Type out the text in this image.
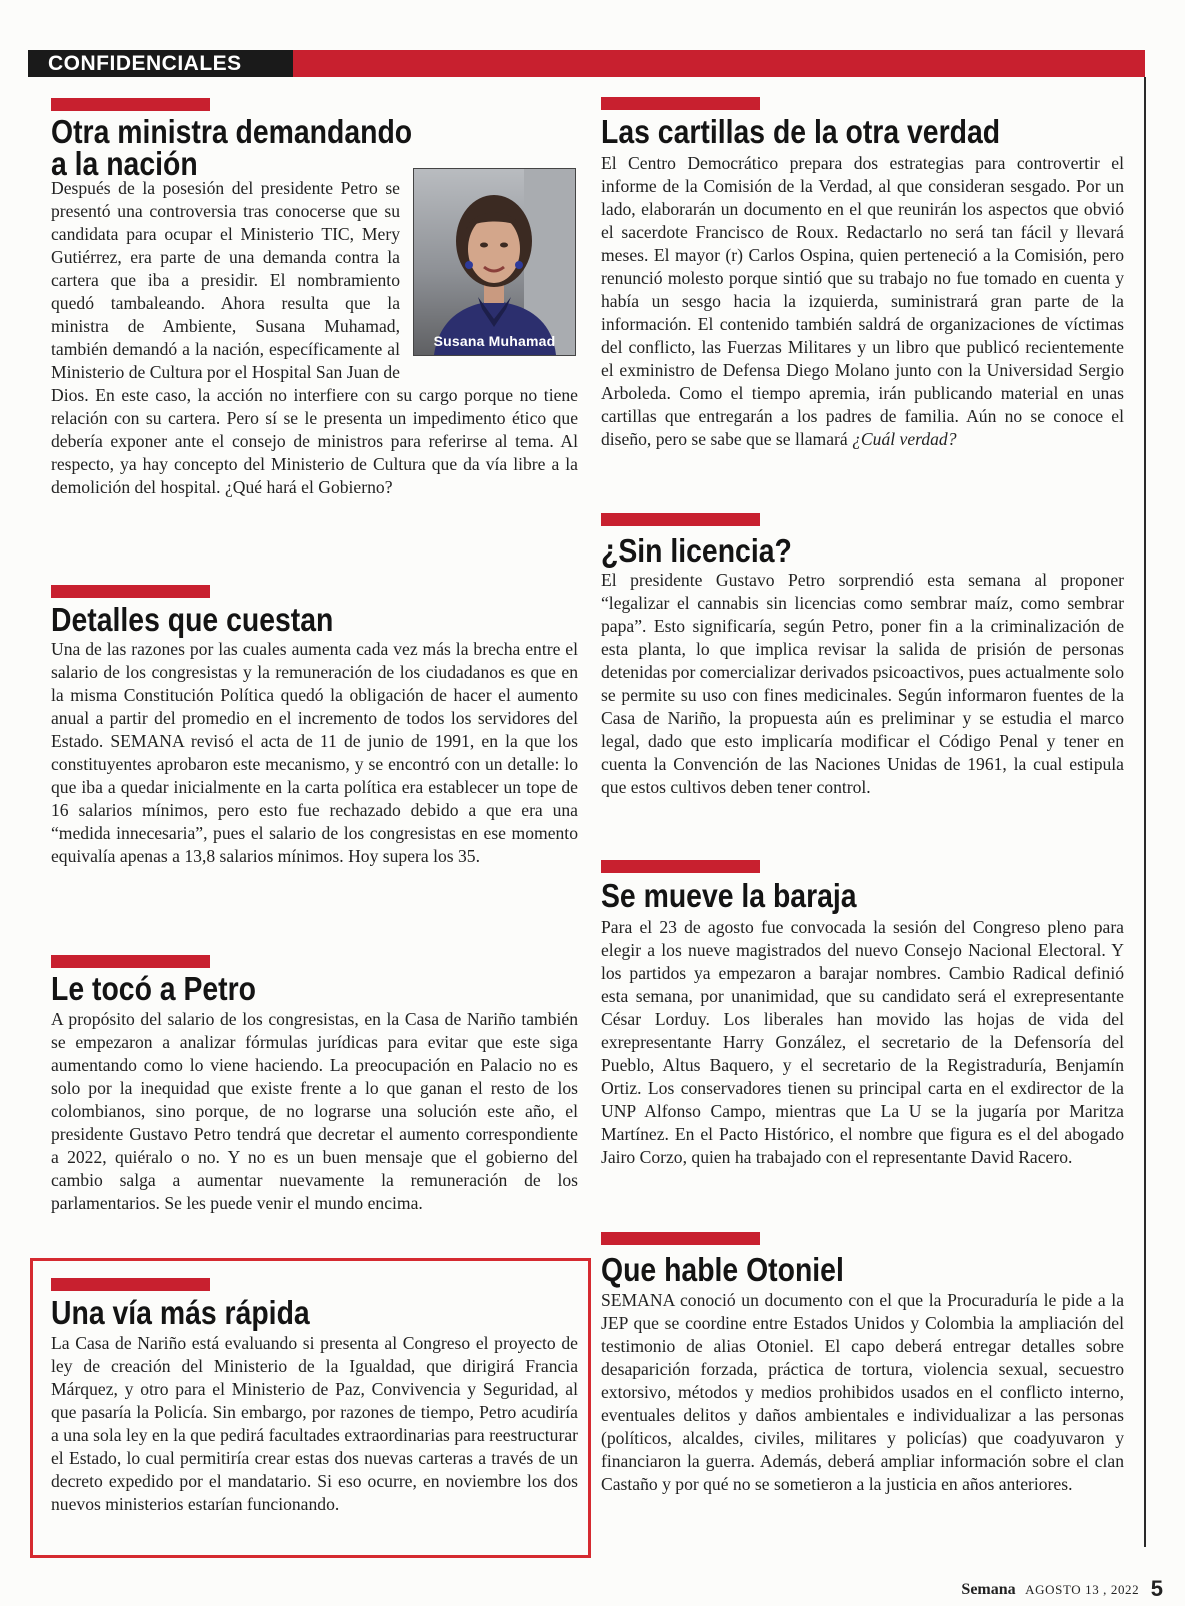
CONFIDENCIALES
Otra ministra demandando
a la nación
Susana Muhamad

Después de la posesión del presidente Petro se presentó una controversia tras conocerse que su candidata para ocupar el Ministerio TIC, Mery Gutiérrez, era parte de una demanda contra la cartera que iba a presidir. El nombramiento quedó tambaleando. Ahora resulta que la ministra de Ambiente, Susana Muhamad, también demandó a la nación, específicamente al Ministerio de Cultura por el Hospital San Juan de Dios. En este caso, la acción no interfiere con su cargo porque no tiene relación con su cartera. Pero sí se le presenta un impedimento ético que debería exponer ante el consejo de ministros para referirse al tema. Al respecto, ya hay concepto del Ministerio de Cultura que da vía libre a la demolición del hospital. ¿Qué hará el Gobierno?

Detalles que cuestan

Una de las razones por las cuales aumenta cada vez más la brecha entre el salario de los congresistas y la remuneración de los ciudadanos es que en la misma Constitución Política quedó la obligación de hacer el aumento anual a partir del promedio en el incremento de todos los servidores del Estado. SEMANA revisó el acta de 11 de junio de 1991, en la que los constituyentes aprobaron este mecanismo, y se encontró con un detalle: lo que iba a quedar inicialmente en la carta política era establecer un tope de 16 salarios mínimos, pero esto fue rechazado debido a que era una “medida innecesaria”, pues el salario de los congresistas en ese momento equivalía apenas a 13,8 salarios mínimos. Hoy supera los 35.

Le tocó a Petro

A propósito del salario de los congresistas, en la Casa de Nariño también se empezaron a analizar fórmulas jurídicas para evitar que este siga aumentando como lo viene haciendo. La preocupación en Palacio no es solo por la inequidad que existe frente a lo que ganan el resto de los colombianos, sino porque, de no lograrse una solución este año, el presidente Gustavo Petro tendrá que decretar el aumento correspondiente a 2022, quiéralo o no. Y no es un buen mensaje que el gobierno del cambio salga a aumentar nuevamente la remuneración de los parlamentarios. Se les puede venir el mundo encima.

Una vía más rápida

La Casa de Nariño está evaluando si presenta al Congreso el proyecto de ley de creación del Ministerio de la Igualdad, que dirigirá Francia Márquez, y otro para el Ministerio de Paz, Convivencia y Seguridad, al que pasaría la Policía. Sin embargo, por razones de tiempo, Petro acudiría a una sola ley en la que pedirá facultades extraordinarias para reestructurar el Estado, lo cual permitiría crear estas dos nuevas carteras a través de un decreto expedido por el mandatario. Si eso ocurre, en noviembre los dos nuevos ministerios estarían funcionando.

Las cartillas de la otra verdad

El Centro Democrático prepara dos estrategias para controvertir el informe de la Comisión de la Verdad, al que consideran sesgado. Por un lado, elaborarán un documento en el que reunirán los aspectos que obvió el sacerdote Francisco de Roux. Redactarlo no será tan fácil y llevará meses. El mayor (r) Carlos Ospina, quien perteneció a la Comisión, pero renunció molesto porque sintió que su trabajo no fue tomado en cuenta y había un sesgo hacia la izquierda, suministrará gran parte de la información. El contenido también saldrá de organizaciones de víctimas del conflicto, las Fuerzas Militares y un libro que publicó recientemente el exministro de Defensa Diego Molano junto con la Universidad Sergio Arboleda. Como el tiempo apremia, irán publicando material en unas cartillas que entregarán a los padres de familia. Aún no se conoce el diseño, pero se sabe que se llamará ¿Cuál verdad?

¿Sin licencia?

El presidente Gustavo Petro sorprendió esta semana al proponer “legalizar el cannabis sin licencias como sembrar maíz, como sembrar papa”. Esto significaría, según Petro, poner fin a la criminalización de esta planta, lo que implica revisar la salida de prisión de personas detenidas por comercializar derivados psicoactivos, pues actualmente solo se permite su uso con fines medicinales. Según informaron fuentes de la Casa de Nariño, la propuesta aún es preliminar y se estudia el marco legal, dado que esto implicaría modificar el Código Penal y tener en cuenta la Convención de las Naciones Unidas de 1961, la cual estipula que estos cultivos deben tener control.

Se mueve la baraja

Para el 23 de agosto fue convocada la sesión del Congreso pleno para elegir a los nueve magistrados del nuevo Consejo Nacional Electoral. Y los partidos ya empezaron a barajar nombres. Cambio Radical definió esta semana, por unanimidad, que su candidato será el exrepresentante César Lorduy. Los liberales han movido las hojas de vida del exrepresentante Harry González, el secretario de la Defensoría del Pueblo, Altus Baquero, y el secretario de la Registraduría, Benjamín Ortiz. Los conservadores tienen su principal carta en el exdirector de la UNP Alfonso Campo, mientras que La U se la jugaría por Maritza Martínez. En el Pacto Histórico, el nombre que figura es el del abogado Jairo Corzo, quien ha trabajado con el representante David Racero.

Que hable Otoniel

SEMANA conoció un documento con el que la Procuraduría le pide a la JEP que se coordine entre Estados Unidos y Colombia la ampliación del testimonio de alias Otoniel. El capo deberá entregar detalles sobre desaparición forzada, práctica de tortura, violencia sexual, secuestro extorsivo, métodos y medios prohibidos usados en el conflicto interno, eventuales delitos y daños ambientales e individualizar a las personas (políticos, alcaldes, civiles, militares y policías) que coadyuvaron y financiaron la guerra. Además, deberá ampliar información sobre el clan Castaño y por qué no se sometieron a la justicia en años anteriores.

Semana AGOSTO 13 , 2022 5
